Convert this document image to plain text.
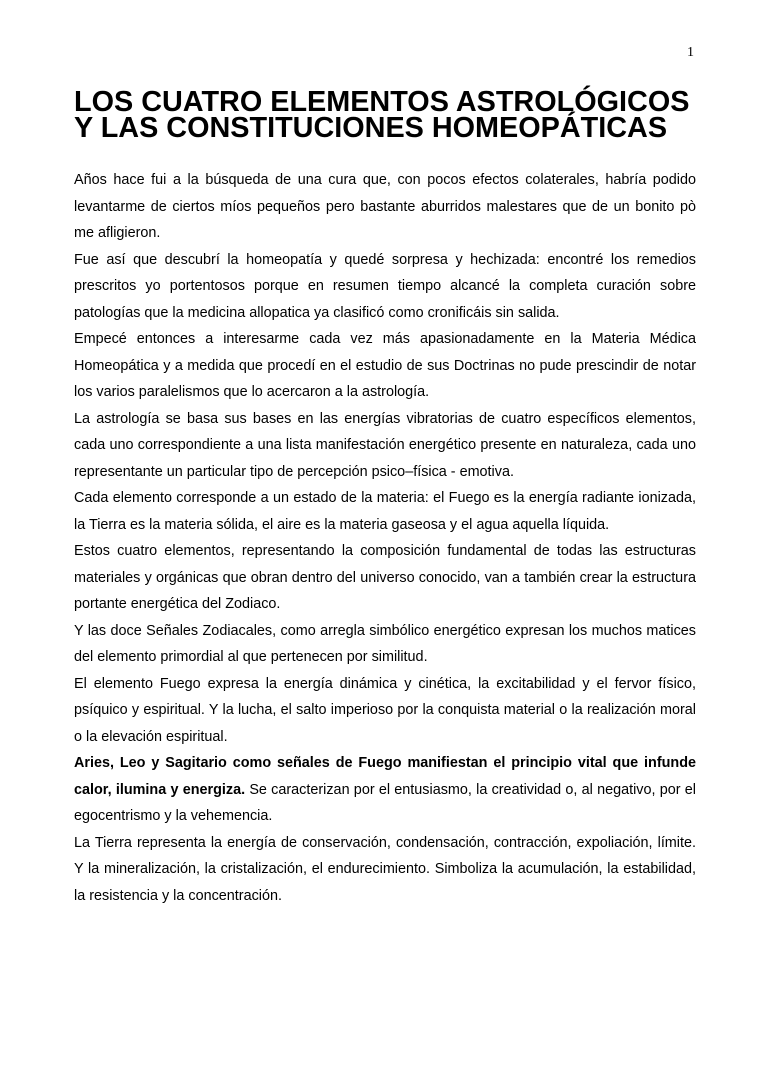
1
LOS CUATRO ELEMENTOS ASTROLÓGICOS
Y LAS CONSTITUCIONES HOMEOPÁTICAS

Años hace fui a la búsqueda de una cura que, con pocos efectos colaterales, habría podido levantarme de ciertos míos pequeños pero bastante aburridos malestares que de un bonito pò me afligieron.

Fue así que descubrí la homeopatía y quedé sorpresa y hechizada: encontré los remedios prescritos yo portentosos porque en resumen tiempo alcancé la completa curación sobre patologías que la medicina allopatica ya clasificó como cronificáis sin salida.

Empecé entonces a interesarme cada vez más apasionadamente en la Materia Médica Homeopática y a medida que procedí en el estudio de sus Doctrinas no pude prescindir de notar los varios paralelismos que lo acercaron a la astrología.

La astrología se basa sus bases en las energías vibratorias de cuatro específicos elementos, cada uno correspondiente a una lista manifestación energético presente en naturaleza, cada uno representante un particular tipo de percepción psico–física - emotiva.

Cada elemento corresponde a un estado de la materia: el Fuego es la energía radiante ionizada, la Tierra es la materia sólida, el aire es la materia gaseosa y el agua aquella líquida.

Estos cuatro elementos, representando la composición fundamental de todas las estructuras materiales y orgánicas que obran dentro del universo conocido, van a también crear la estructura portante energética del Zodiaco.

Y las doce Señales Zodiacales, como arregla simbólico energético expresan los muchos matices del elemento primordial al que pertenecen por similitud.

El elemento Fuego expresa la energía dinámica y cinética, la excitabilidad y el fervor físico, psíquico y espiritual. Y la lucha, el salto imperioso por la conquista material o la realización moral o la elevación espiritual.

Aries, Leo y Sagitario como señales de Fuego manifiestan el principio vital que infunde calor, ilumina y energiza. Se caracterizan por el entusiasmo, la creatividad o, al negativo, por el egocentrismo y la vehemencia.

La Tierra representa la energía de conservación, condensación, contracción, expoliación, límite. Y la mineralización, la cristalización, el endurecimiento. Simboliza la acumulación, la estabilidad, la resistencia y la concentración.
